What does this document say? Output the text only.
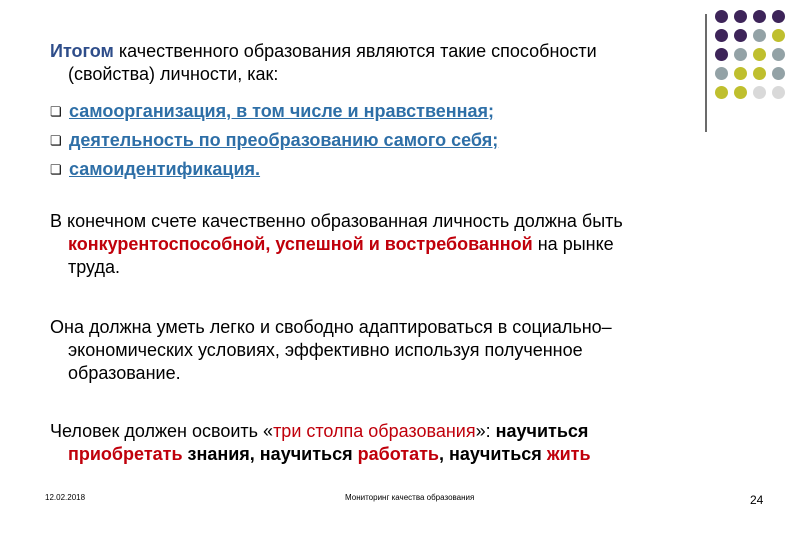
Итогом качественного образования являются такие способности
(свойства) личности, как:
❏ самоорганизация, в том числе и нравственная;
❏ деятельность по преобразованию самого себя;
❏ самоидентификация.
В конечном счете качественно образованная личность должна быть
конкурентоспособной, успешной и востребованной на рынке
труда.
Она должна уметь легко и свободно адаптироваться в социально–
экономических условиях, эффективно используя полученное
образование.
Человек должен освоить «три столпа образования»: научиться
приобретать знания, научиться работать, научиться жить
12.02.2018	Мониторинг качества образования	24
